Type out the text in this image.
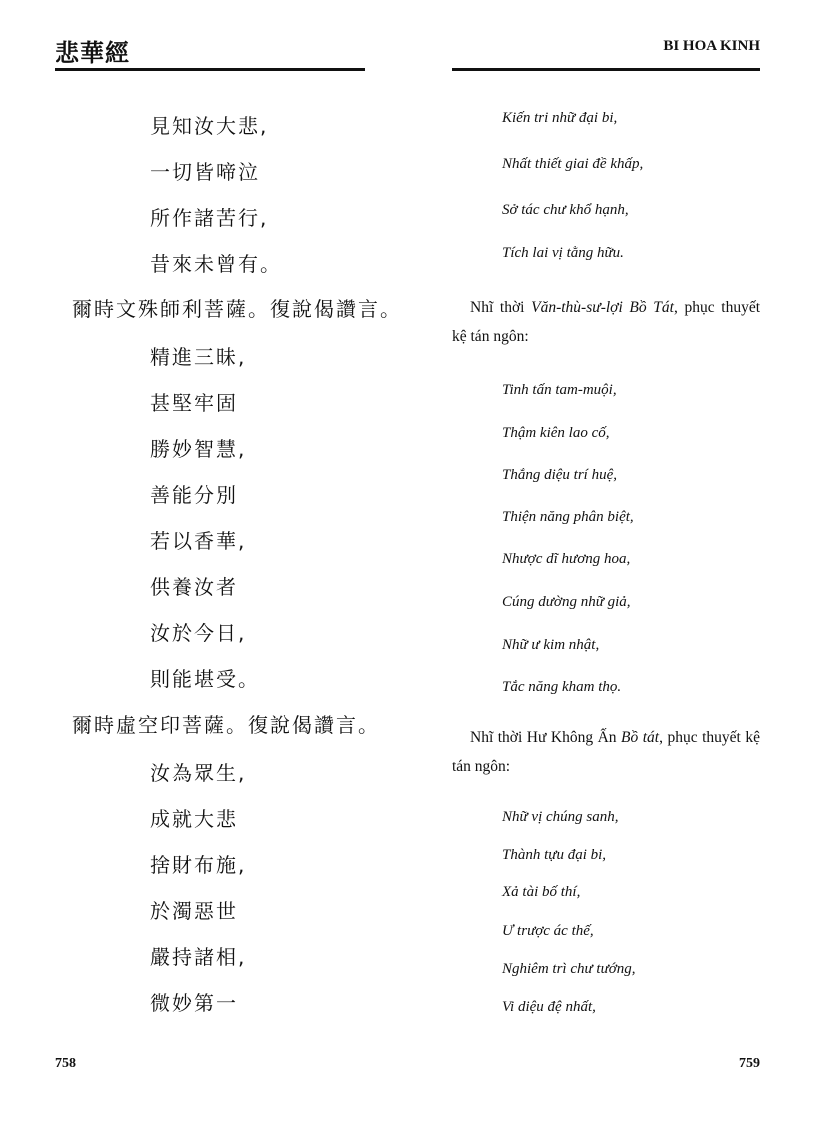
悲華經
見知汝大悲,
一切皆啼泣
所作諸苦行,
昔來未曾有。
爾時文殊師利菩薩。復說偈讚言。
精進三昧,
甚堅牢固
勝妙智慧,
善能分別
若以香華,
供養汝者
汝於今日,
則能堪受。
爾時虛空印菩薩。復說偈讚言。
汝為眾生,
成就大悲
捨財布施,
於濁惡世
嚴持諸相,
微妙第一
758
BI HOA KINH
Kiến tri nhữ đại bi,
Nhất thiết giai đề khấp,
Sở tác chư khổ hạnh,
Tích lai vị tằng hữu.
Nhĩ thời Văn-thù-sư-lợi Bồ Tát, phục thuyết kệ tán ngôn:
Tinh tấn tam-muội,
Thậm kiên lao cố,
Thắng diệu trí huệ,
Thiện năng phân biệt,
Nhược dĩ hương hoa,
Cúng dường nhữ giả,
Nhữ ư kim nhật,
Tắc năng kham thọ.
Nhĩ thời Hư Không Ấn Bồ tát, phục thuyết kệ tán ngôn:
Nhữ vị chúng sanh,
Thành tựu đại bi,
Xả tài bố thí,
Ư trược ác thế,
Nghiêm trì chư tướng,
Vi diệu đệ nhất,
759
